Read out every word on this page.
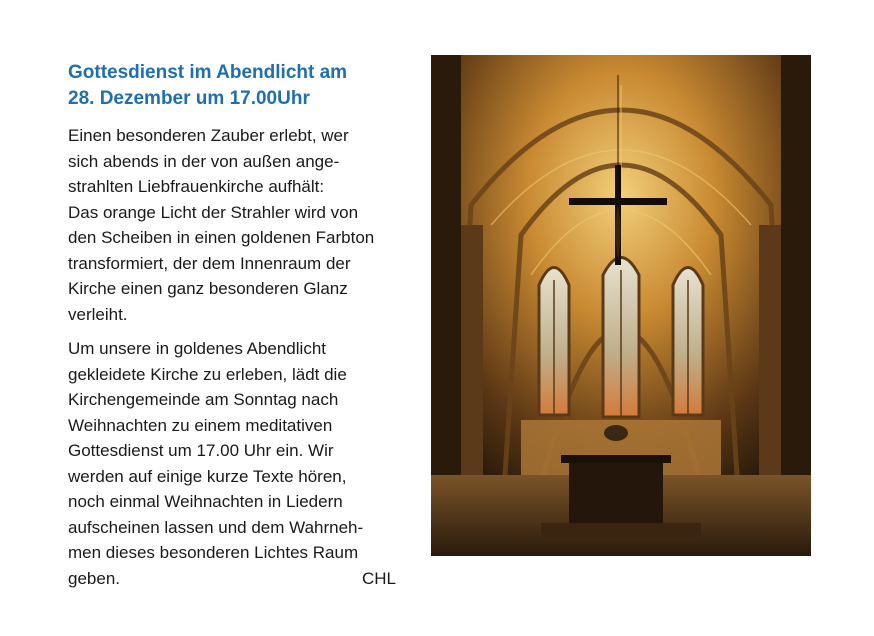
Gottesdienst im Abendlicht am
28. Dezember um 17.00Uhr
Einen besonderen Zauber erlebt, wer
sich abends in der von außen ange-
strahlten Liebfrauenkirche aufhält:
Das orange Licht der Strahler wird von
den Scheiben in einen goldenen Farbton
transformiert, der dem Innenraum der
Kirche einen ganz besonderen Glanz
verleiht.
Um unsere in goldenes Abendlicht
gekleidete Kirche zu erleben, lädt die
Kirchengemeinde am Sonntag nach
Weihnachten zu einem meditativen
Gottesdienst um 17.00 Uhr ein. Wir
werden auf einige kurze Texte hören,
noch einmal Weihnachten in Liedern
aufscheinen lassen und dem Wahrneh-
men dieses besonderen Lichtes Raum
geben.	CHL
